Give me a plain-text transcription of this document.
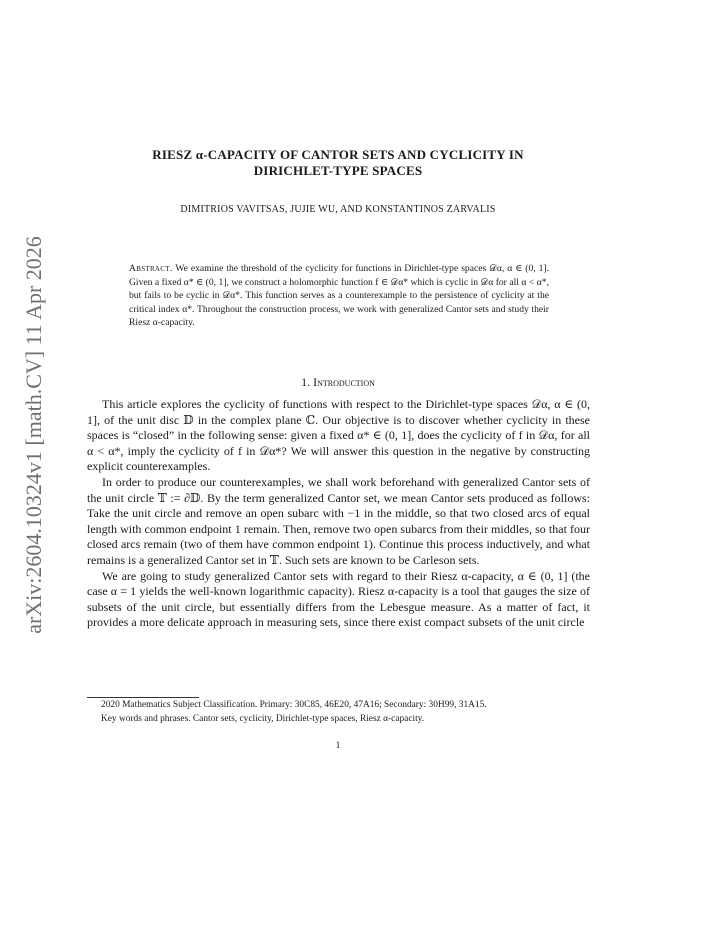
arXiv:2604.10324v1 [math.CV] 11 Apr 2026
RIESZ α-CAPACITY OF CANTOR SETS AND CYCLICITY IN
DIRICHLET-TYPE SPACES
DIMITRIOS VAVITSAS, JUJIE WU, AND KONSTANTINOS ZARVALIS
Abstract. We examine the threshold of the cyclicity for functions in Dirichlet-type spaces 𝒟α, α ∈ (0, 1]. Given a fixed α* ∈ (0, 1], we construct a holomorphic function f ∈ 𝒟α* which is cyclic in 𝒟α for all α < α*, but fails to be cyclic in 𝒟α*. This function serves as a counterexample to the persistence of cyclicity at the critical index α*. Throughout the construction process, we work with generalized Cantor sets and study their Riesz α-capacity.
1. Introduction

This article explores the cyclicity of functions with respect to the Dirichlet-type spaces 𝒟α, α ∈ (0, 1], of the unit disc 𝔻 in the complex plane ℂ. Our objective is to discover whether cyclicity in these spaces is “closed” in the following sense: given a fixed α* ∈ (0, 1], does the cyclicity of f in 𝒟α, for all α < α*, imply the cyclicity of f in 𝒟α*? We will answer this question in the negative by constructing explicit counterexamples.

In order to produce our counterexamples, we shall work beforehand with generalized Cantor sets of the unit circle 𝕋 := ∂𝔻. By the term generalized Cantor set, we mean Cantor sets produced as follows: Take the unit circle and remove an open subarc with −1 in the middle, so that two closed arcs of equal length with common endpoint 1 remain. Then, remove two open subarcs from their middles, so that four closed arcs remain (two of them have common endpoint 1). Continue this process inductively, and what remains is a generalized Cantor set in 𝕋. Such sets are known to be Carleson sets.

We are going to study generalized Cantor sets with regard to their Riesz α-capacity, α ∈ (0, 1] (the case α = 1 yields the well-known logarithmic capacity). Riesz α-capacity is a tool that gauges the size of subsets of the unit circle, but essentially differs from the Lebesgue measure. As a matter of fact, it provides a more delicate approach in measuring sets, since there exist compact subsets of the unit circle

2020 Mathematics Subject Classification. Primary: 30C85, 46E20, 47A16; Secondary: 30H99, 31A15.

Key words and phrases. Cantor sets, cyclicity, Dirichlet-type spaces, Riesz α-capacity.

1
